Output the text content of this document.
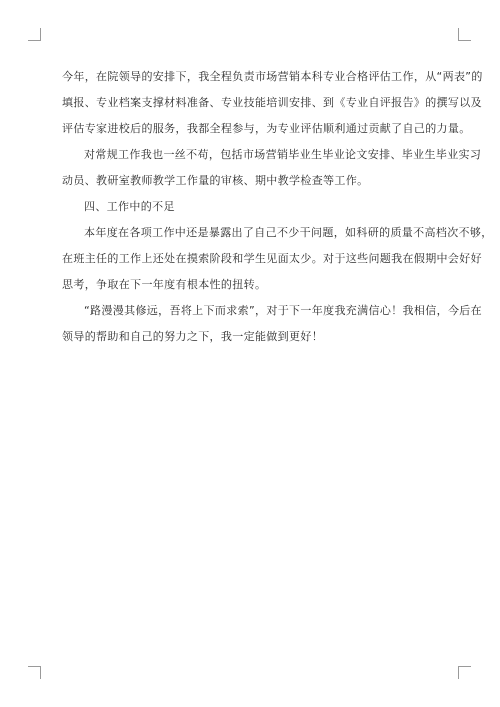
今年，在院领导的安排下，我全程负责市场营销本科专业合格评估工作，从“两表”的
填报、专业档案支撑材料准备、专业技能培训安排、到《专业自评报告》的撰写以及
评估专家进校后的服务，我都全程参与，为专业评估顺利通过贡献了自己的力量。

对常规工作我也一丝不苟，包括市场营销毕业生毕业论文安排、毕业生毕业实习
动员、教研室教师教学工作量的审核、期中教学检查等工作。

四、工作中的不足

本年度在各项工作中还是暴露出了自己不少干问题，如科研的质量不高档次不够，
在班主任的工作上还处在摸索阶段和学生见面太少。对于这些问题我在假期中会好好
思考，争取在下一年度有根本性的扭转。

“路漫漫其修远，吾将上下而求索”，对于下一年度我充满信心！我相信，今后在
领导的帮助和自己的努力之下，我一定能做到更好！
